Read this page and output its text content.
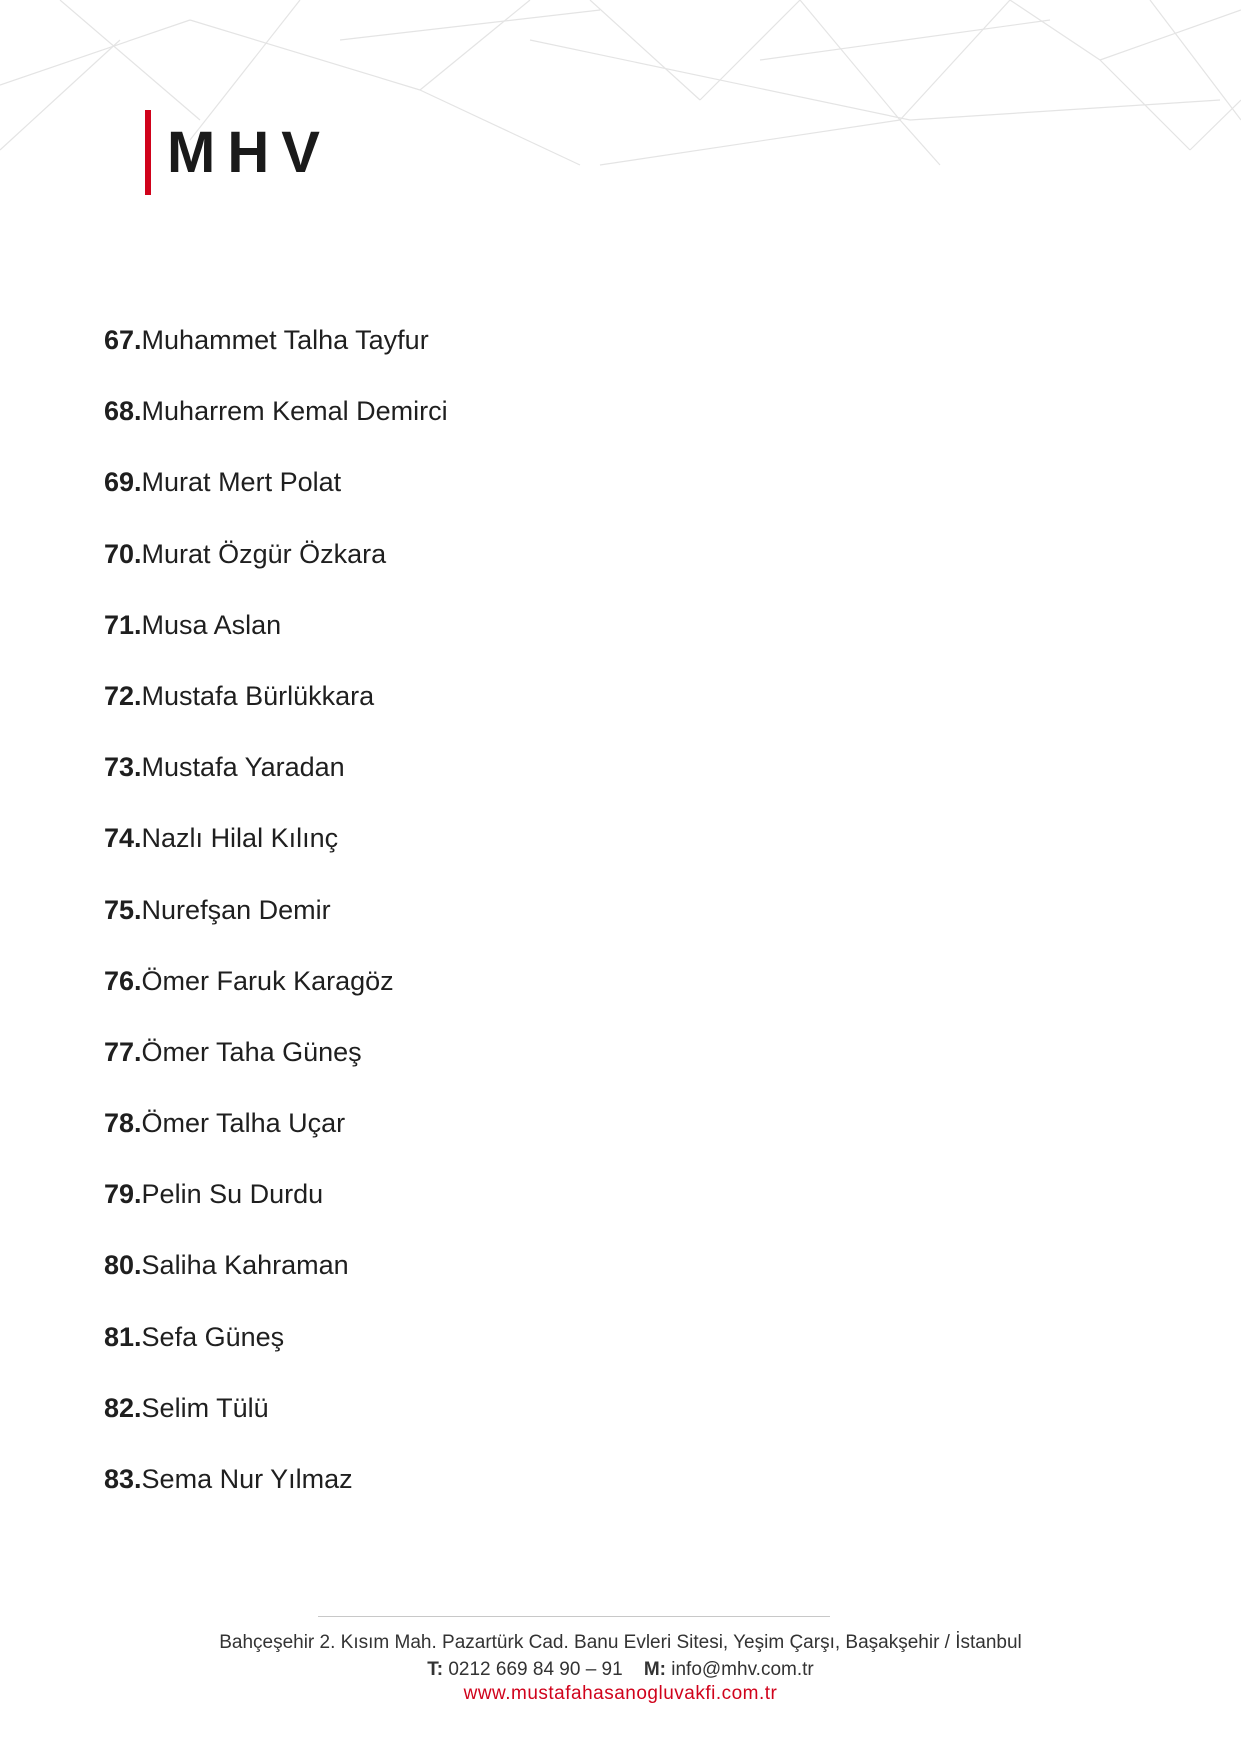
MHV
67.Muhammet Talha Tayfur
68.Muharrem Kemal Demirci
69.Murat Mert Polat
70.Murat Özgür Özkara
71.Musa Aslan
72.Mustafa Bürlükkara
73.Mustafa Yaradan
74.Nazlı Hilal Kılınç
75.Nurefşan Demir
76.Ömer Faruk Karagöz
77.Ömer Taha Güneş
78.Ömer Talha Uçar
79.Pelin Su Durdu
80.Saliha Kahraman
81.Sefa Güneş
82.Selim Tülü
83.Sema Nur Yılmaz
Bahçeşehir 2. Kısım Mah. Pazartürk Cad. Banu Evleri Sitesi, Yeşim Çarşı, Başakşehir / İstanbul
T: 0212 669 84 90 – 91 M: info@mhv.com.tr
www.mustafahasanogluvakfi.com.tr
